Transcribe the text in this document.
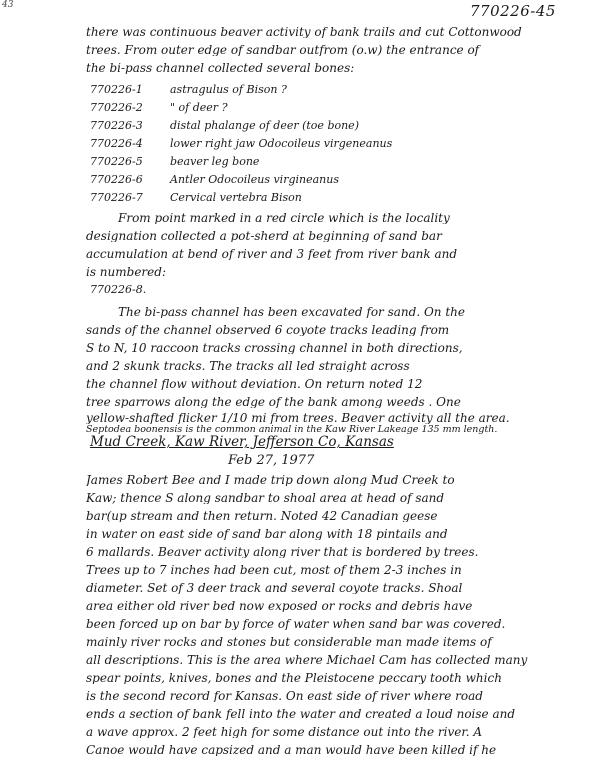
43	770226-45
there was continuous beaver activity of bank trails and cut Cottonwood
trees. From outer edge of sandbar outfrom (o.w) the entrance of
the bi-pass channel collected several bones:
770226-1 astragulus of Bison ?
770226-2 " of deer ?
770226-3 distal phalange of deer (toe bone)
770226-4 lower right jaw Odocoileus virgeneanus
770226-5 beaver leg bone
770226-6 Antler Odocoileus virgineanus
770226-7 Cervical vertebra Bison
From point marked in a red circle which is the locality
designation collected a pot-sherd at beginning of sand bar
accumulation at bend of river and 3 feet from river bank and
is numbered:
770226-8.
The bi-pass channel has been excavated for sand. On the
sands of the channel observed 6 coyote tracks leading from
S to N, 10 raccoon tracks crossing channel in both directions,
and 2 skunk tracks. The tracks all led straight across
the channel flow without deviation. On return noted 12
tree sparrows along the edge of the bank among weeds . One
yellow-shafted flicker 1/10 mi from trees. Beaver activity all the area.
Septodea boonensis is the common animal in the Kaw River Lakeage 135 mm length.
Mud Creek, Kaw River, Jefferson Co, Kansas
Feb 27, 1977
James Robert Bee and I made trip down along Mud Creek to
Kaw; thence S along sandbar to shoal area at head of sand
bar(up stream and then return. Noted 42 Canadian geese
in water on east side of sand bar along with 18 pintails and
6 mallards. Beaver activity along river that is bordered by trees.
Trees up to 7 inches had been cut, most of them 2-3 inches in
diameter. Set of 3 deer track and several coyote tracks. Shoal
area either old river bed now exposed or rocks and debris have
been forced up on bar by force of water when sand bar was covered.
mainly river rocks and stones but considerable man made items of
all descriptions. This is the area where Michael Cam has collected many
spear points, knives, bones and the Pleistocene peccary tooth which
is the second record for Kansas. On east side of river where road
ends a section of bank fell into the water and created a loud noise and
a wave approx. 2 feet high for some distance out into the river. A
Canoe would have capsized and a man would have been killed if he
